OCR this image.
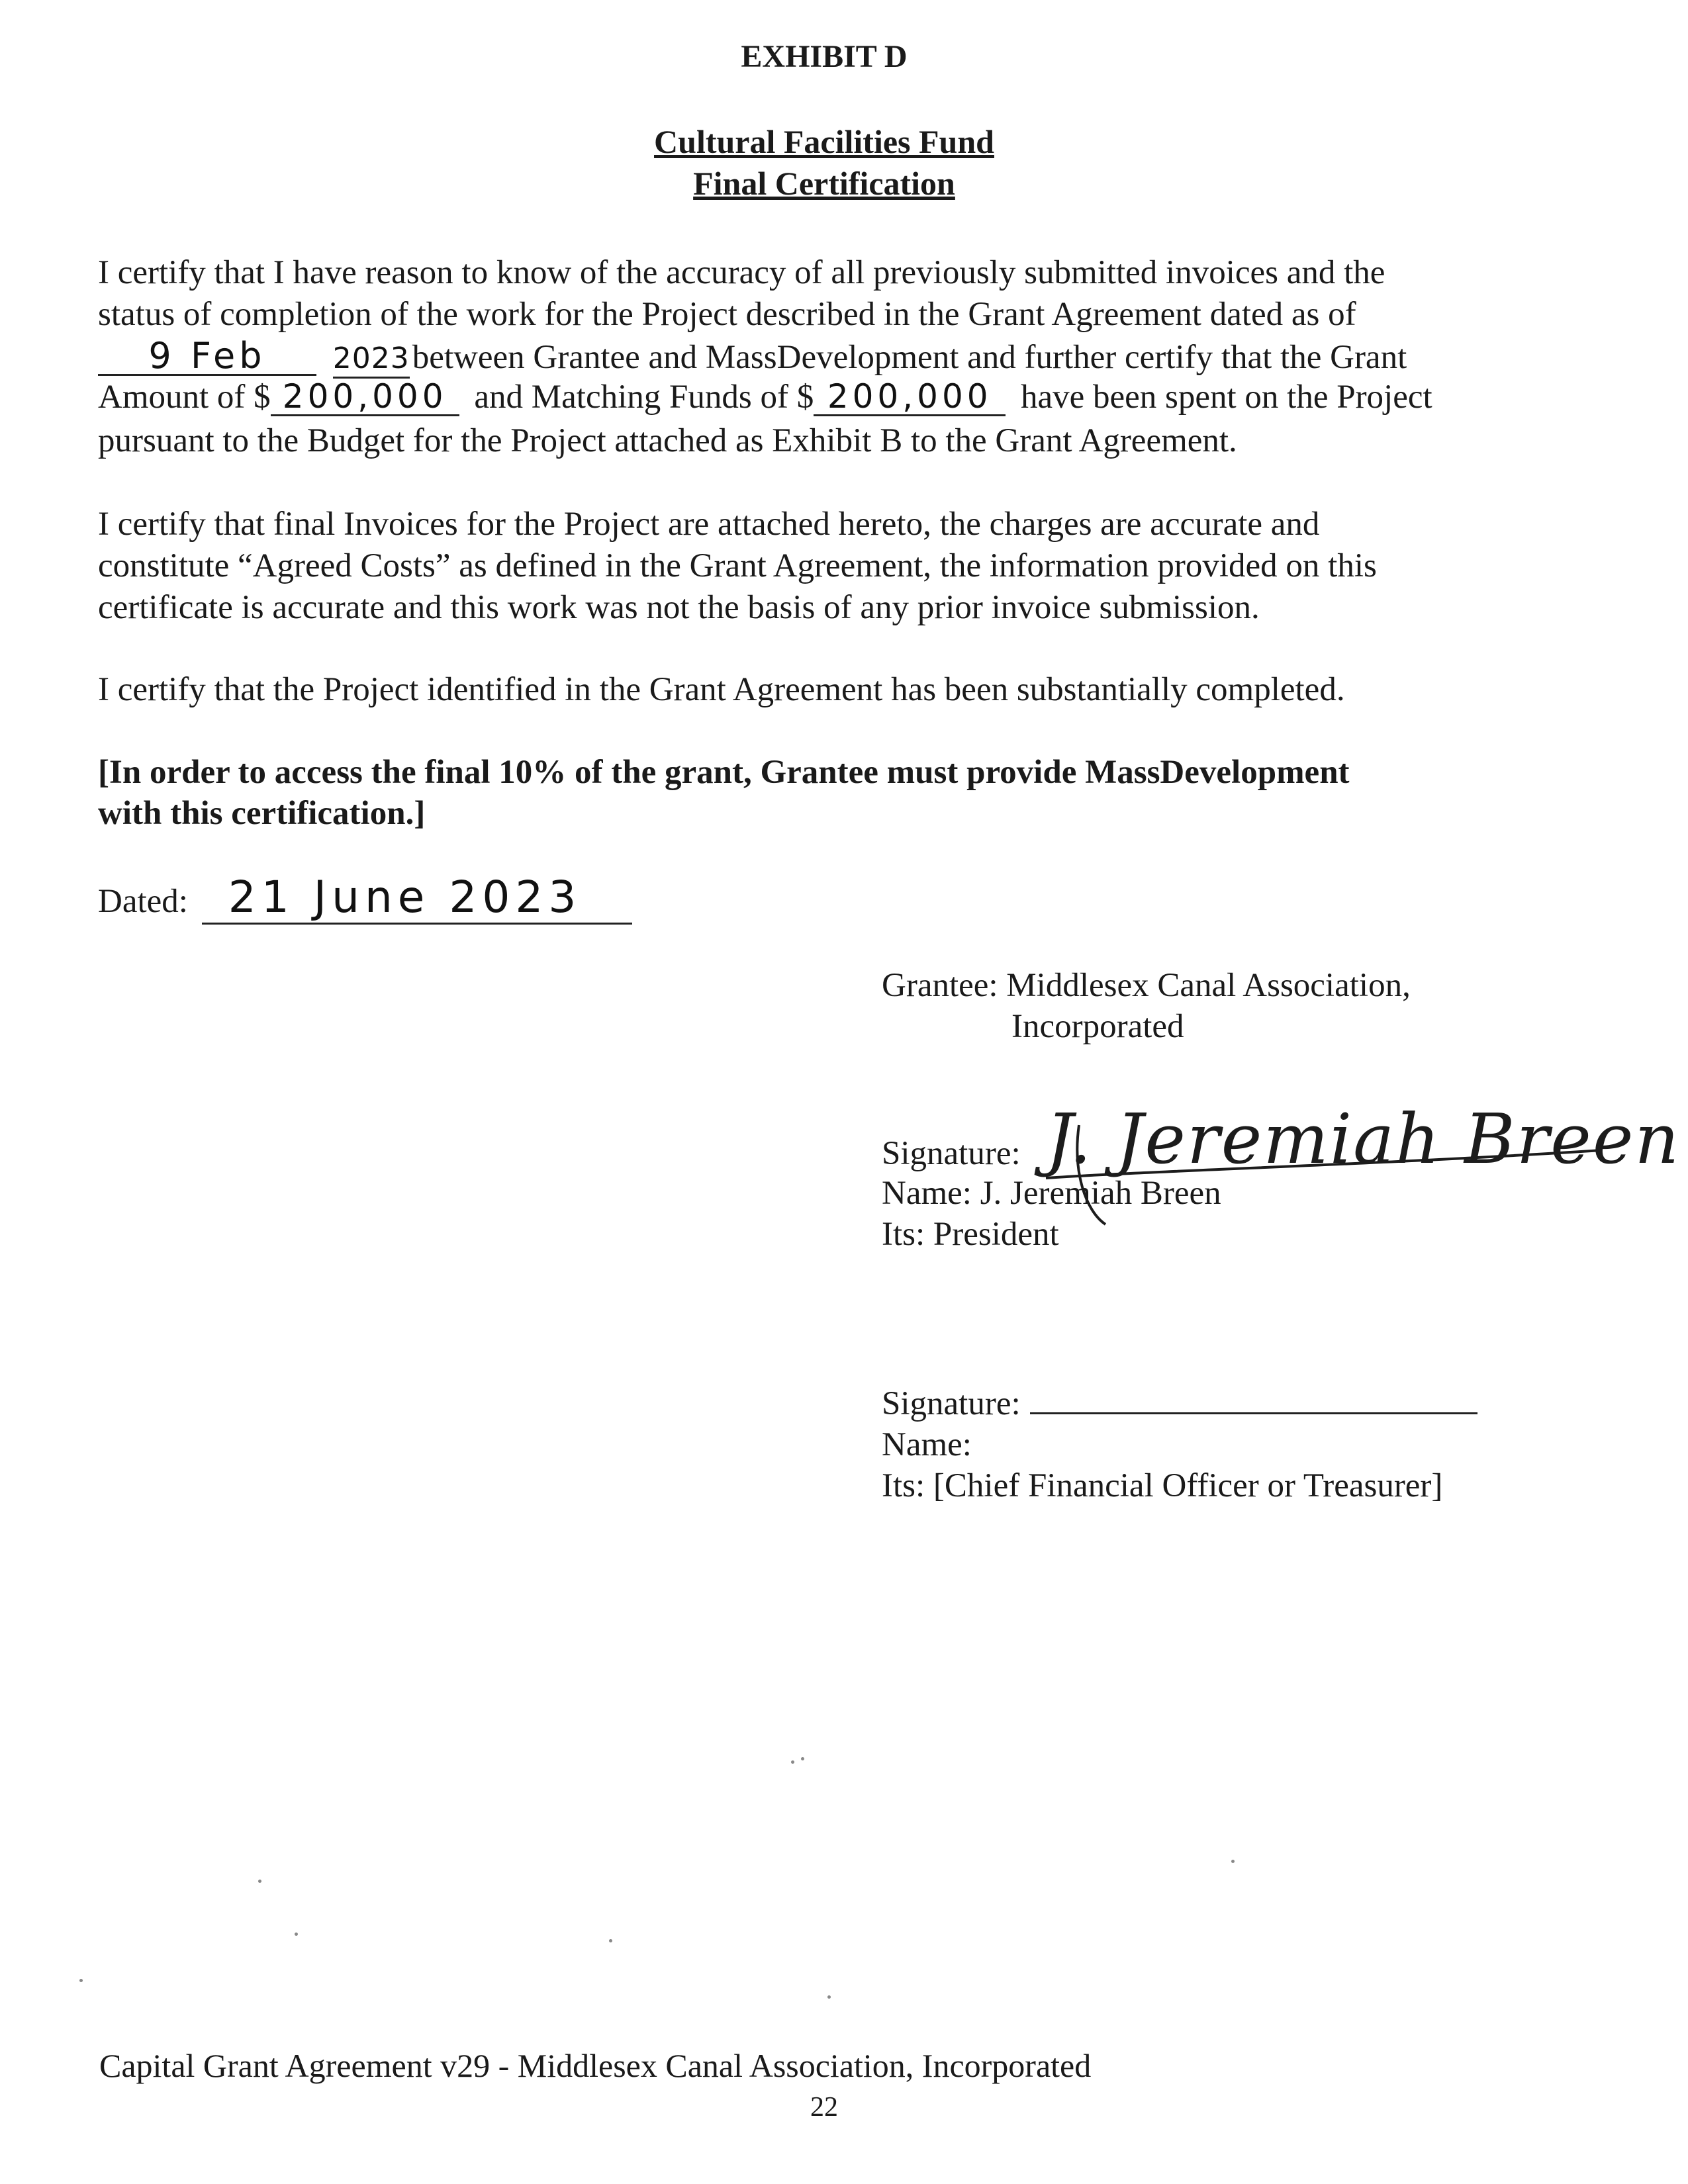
EXHIBIT D
Cultural Facilities Fund
Final Certification
I certify that I have reason to know of the accuracy of all previously submitted invoices and the
status of completion of the work for the Project described in the Grant Agreement dated as of
9 Feb 2023between Grantee and MassDevelopment and further certify that the Grant
Amount of $ 200,000 and Matching Funds of $ 200,000 have been spent on the Project
pursuant to the Budget for the Project attached as Exhibit B to the Grant Agreement.
I certify that final Invoices for the Project are attached hereto, the charges are accurate and
constitute “Agreed Costs” as defined in the Grant Agreement, the information provided on this
certificate is accurate and this work was not the basis of any prior invoice submission.
I certify that the Project identified in the Grant Agreement has been substantially completed.
[In order to access the final 10% of the grant, Grantee must provide MassDevelopment
with this certification.]
Dated: 21 June 2023
Grantee: Middlesex Canal Association,
Incorporated
Signature: J. Jeremiah Breen
Name: J. Jeremiah Breen
Its: President
Signature:
Name:
Its: [Chief Financial Officer or Treasurer]
Capital Grant Agreement v29 - Middlesex Canal Association, Incorporated
22
